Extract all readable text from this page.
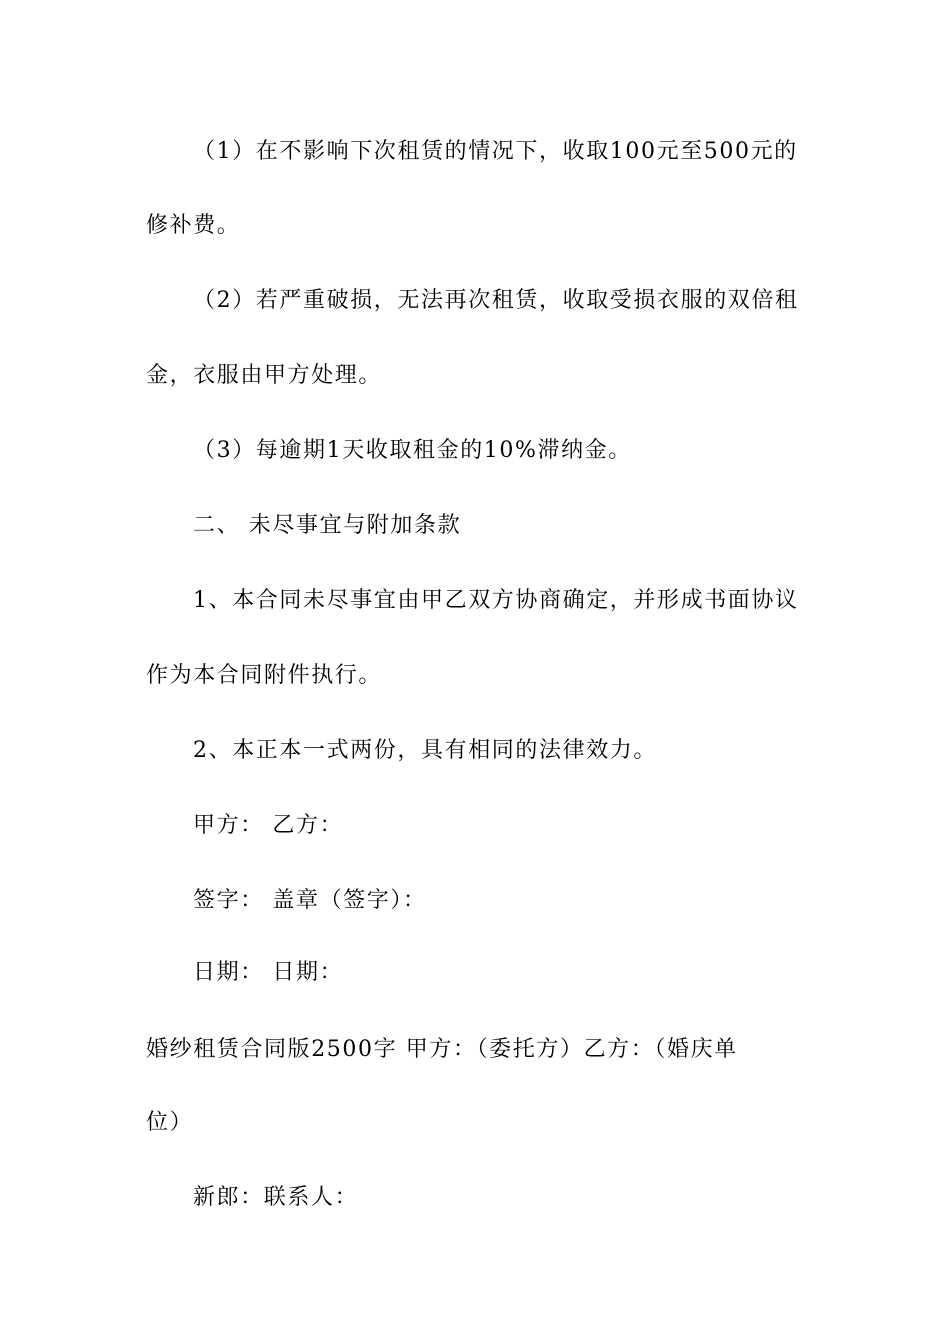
（1）在不影响下次租赁的情况下，收取100元至500元的
修补费。
（2）若严重破损，无法再次租赁，收取受损衣服的双倍租
金，衣服由甲方处理。
（3）每逾期1天收取租金的10%滞纳金。
二、 未尽事宜与附加条款
1、本合同未尽事宜由甲乙双方协商确定，并形成书面协议
作为本合同附件执行。
2、本正本一式两份，具有相同的法律效力。
甲方： 乙方：
签字： 盖章（签字）：
日期： 日期：
婚纱租赁合同版2500字 甲方：（委托方）乙方：（婚庆单
位）
新郎：联系人：
